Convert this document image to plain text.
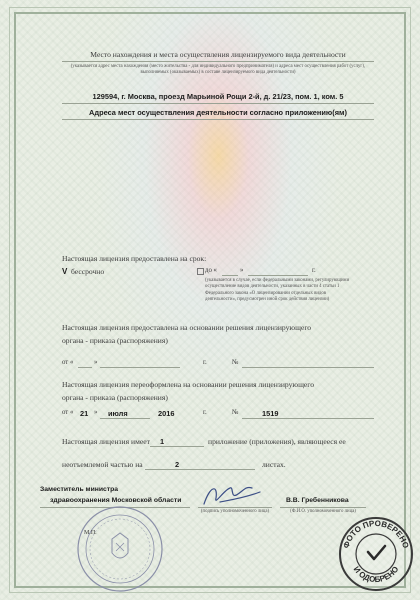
Место нахождения и места осуществления лицензируемого вида деятельности
(указывается адрес места нахождения (место жительства - для индивидуального предпринимателя) и адреса мест осуществления работ (услуг), выполняемых (оказываемых) в составе лицензируемого вида деятельности)
129594, г. Москва, проезд Марьиной Рощи 2-й, д. 21/23, пом. 1, ком. 5
Адреса мест осуществления деятельности согласно приложению(ям)
Настоящая лицензия предоставлена на срок:
V бессрочно	до «	»	г.
(указывается в случае, если федеральными законами, регулирующими осуществление видов деятельности, указанных в части 4 статьи 1 Федерального закона «О лицензировании отдельных видов деятельности», предусмотрен иной срок действия лицензии)
Настоящая лицензия предоставлена на основании решения лицензирующего
органа - приказа (распоряжения)
от «	»	г.	№
Настоящая лицензия переоформлена на основании решения лицензирующего
органа - приказа (распоряжения)
от « 21 » июля	2016	г.	№	1519
Настоящая лицензия имеет 1	приложение (приложения), являющееся ее
неотъемлемой частью на	2	листах.
Заместитель министра
здравоохранения Московской области
(подпись уполномоченного лица)
В.В. Гребенникова
(Ф.И.О. уполномоченного лица)
М.П.
ФОТО ПРОВЕРЕНО
И ОДОБРЕНО
